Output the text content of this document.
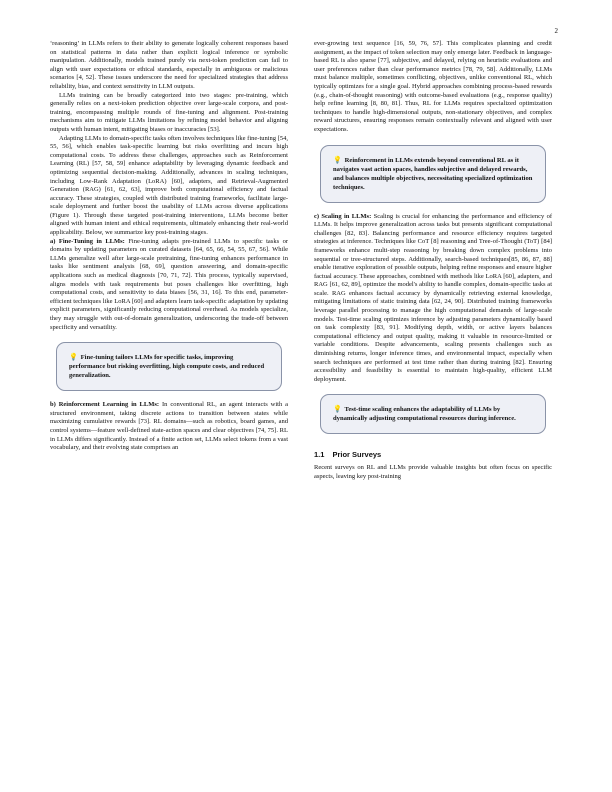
2

‘reasoning’ in LLMs refers to their ability to generate logically coherent responses based on statistical patterns in data rather than explicit logical inference or symbolic manipulation. Additionally, models trained purely via next-token prediction can fail to align with user expectations or ethical standards, especially in ambiguous or malicious scenarios [4, 52]. These issues underscore the need for specialized strategies that address reliability, bias, and context sensitivity in LLM outputs.

LLMs training can be broadly categorized into two stages: pre-training, which generally relies on a next-token prediction objective over large-scale corpora, and post-training, encompassing multiple rounds of fine-tuning and alignment. Post-training mechanisms aim to mitigate LLMs limitations by refining model behavior and aligning outputs with human intent, mitigating biases or inaccuracies [53].

Adapting LLMs to domain-specific tasks often involves techniques like fine-tuning [54, 55, 56], which enables task-specific learning but risks overfitting and incurs high computational costs. To address these challenges, approaches such as Reinforcement Learning (RL) [57, 58, 59] enhance adaptability by leveraging dynamic feedback and optimizing sequential decision-making. Additionally, advances in scaling techniques, including Low-Rank Adaptation (LoRA) [60], adapters, and Retrieval-Augmented Generation (RAG) [61, 62, 63], improve both computational efficiency and factual accuracy. These strategies, coupled with distributed training frameworks, facilitate large-scale deployment and further boost the usability of LLMs across diverse applications (Figure 1). Through these targeted post-training interventions, LLMs become better aligned with human intent and ethical requirements, ultimately enhancing their real-world applicability. Below, we summarize key post-training stages.

a) Fine-Tuning in LLMs: Fine-tuning adapts pre-trained LLMs to specific tasks or domains by updating parameters on curated datasets [64, 65, 66, 54, 55, 67, 56]. While LLMs generalize well after large-scale pretraining, fine-tuning enhances performance in tasks like sentiment analysis [68, 69], question answering, and domain-specific applications such as medical diagnosis [70, 71, 72]. This process, typically supervised, aligns models with task requirements but poses challenges like overfitting, high computational costs, and sensitivity to data biases [56, 31, 16]. To this end, parameter-efficient techniques like LoRA [60] and adapters learn task-specific adaptation by updating explicit parameters, significantly reducing computational overhead. As models specialize, they may struggle with out-of-domain generalization, underscoring the trade-off between specificity and versatility.

💡 Fine-tuning tailors LLMs for specific tasks, improving performance but risking overfitting, high compute costs, and reduced generalization.

b) Reinforcement Learning in LLMs: In conventional RL, an agent interacts with a structured environment, taking discrete actions to transition between states while maximizing cumulative rewards [73]. RL domains—such as robotics, board games, and control systems—feature well-defined state-action spaces and clear objectives [74, 75]. RL in LLMs differs significantly. Instead of a finite action set, LLMs select tokens from a vast vocabulary, and their evolving state comprises an

ever-growing text sequence [16, 59, 76, 57]. This complicates planning and credit assignment, as the impact of token selection may only emerge later. Feedback in language-based RL is also sparse [77], subjective, and delayed, relying on heuristic evaluations and user preferences rather than clear performance metrics [78, 79, 58]. Additionally, LLMs must balance multiple, sometimes conflicting, objectives, unlike conventional RL, which typically optimizes for a single goal. Hybrid approaches combining process-based rewards (e.g., chain-of-thought reasoning) with outcome-based evaluations (e.g., response quality) help refine learning [8, 80, 81]. Thus, RL for LLMs requires specialized optimization techniques to handle high-dimensional outputs, non-stationary objectives, and complex reward structures, ensuring responses remain contextually relevant and aligned with user expectations.

💡 Reinforcement in LLMs extends beyond conventional RL as it navigates vast action spaces, handles subjective and delayed rewards, and balances multiple objectives, necessitating specialized optimization techniques.

c) Scaling in LLMs: Scaling is crucial for enhancing the performance and efficiency of LLMs. It helps improve generalization across tasks but presents significant computational challenges [82, 83]. Balancing performance and resource efficiency requires targeted strategies at inference. Techniques like CoT [8] reasoning and Tree-of-Thought (ToT) [84] frameworks enhance multi-step reasoning by breaking down complex problems into sequential or tree-structured steps. Additionally, search-based techniques[85, 86, 87, 88] enable iterative exploration of possible outputs, helping refine responses and ensure higher factual accuracy. These approaches, combined with methods like LoRA [60], adapters, and RAG [61, 62, 89], optimize the model's ability to handle complex, domain-specific tasks at scale. RAG enhances factual accuracy by dynamically retrieving external knowledge, mitigating limitations of static training data [62, 24, 90]. Distributed training frameworks leverage parallel processing to manage the high computational demands of large-scale models. Test-time scaling optimizes inference by adjusting parameters dynamically based on task complexity [83, 91]. Modifying depth, width, or active layers balances computational efficiency and output quality, making it valuable in resource-limited or variable conditions. Despite advancements, scaling presents challenges such as diminishing returns, longer inference times, and environmental impact, especially when search techniques are performed at test time rather than during training [82]. Ensuring accessibility and feasibility is essential to maintain high-quality, efficient LLM deployment.

💡 Test-time scaling enhances the adaptability of LLMs by dynamically adjusting computational resources during inference.
1.1 Prior Surveys

Recent surveys on RL and LLMs provide valuable insights but often focus on specific aspects, leaving key post-training
